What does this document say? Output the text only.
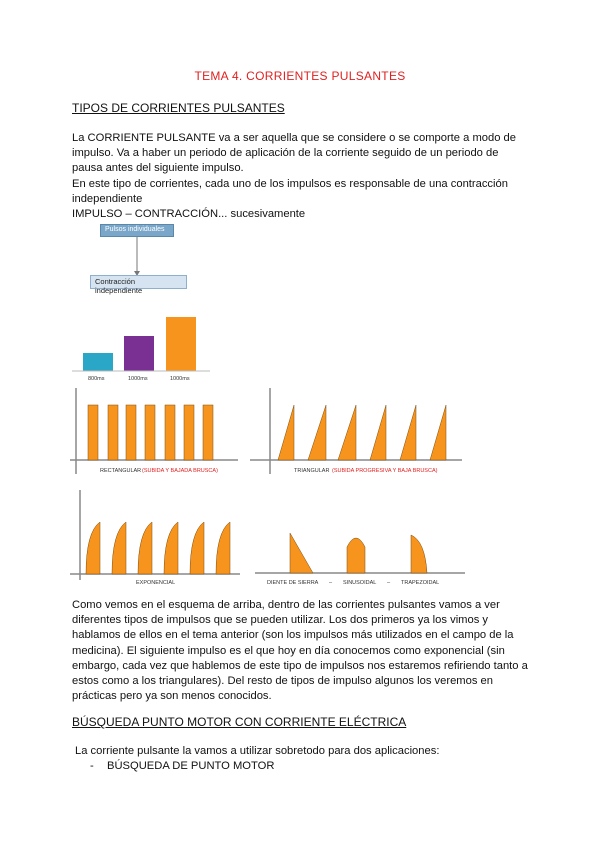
TEMA 4. CORRIENTES PULSANTES
TIPOS DE CORRIENTES PULSANTES
La CORRIENTE PULSANTE va a ser aquella que se considere o se comporte a modo de
impulso. Va a haber un periodo de aplicación de la corriente seguido de un periodo de
pausa antes del siguiente impulso.
En este tipo de corrientes, cada uno de los impulsos es responsable de una contracción
independiente
IMPULSO – CONTRACCIÓN... sucesivamente
Pulsos individuales
Contracción independiente
800ms	1000ms	1000ms
RECTANGULAR (SUBIDA Y BAJADA BRUSCA)	TRIANGULAR (SUBIDA PROGRESIVA Y BAJA BRUSCA)
EXPONENCIAL	DIENTE DE SIERRA – SINUSOIDAL – TRAPEZOIDAL
Como vemos en el esquema de arriba, dentro de las corrientes pulsantes vamos a ver
diferentes tipos de impulsos que se pueden utilizar. Los dos primeros ya los vimos y
hablamos de ellos en el tema anterior (son los impulsos más utilizados en el campo de la
medicina). El siguiente impulso es el que hoy en día conocemos como exponencial (sin
embargo, cada vez que hablemos de este tipo de impulsos nos estaremos refiriendo tanto a
estos como a los triangulares). Del resto de tipos de impulso algunos los veremos en
prácticas pero ya son menos conocidos.
BÚSQUEDA PUNTO MOTOR CON CORRIENTE ELÉCTRICA
La corriente pulsante la vamos a utilizar sobretodo para dos aplicaciones:
- BÚSQUEDA DE PUNTO MOTOR
